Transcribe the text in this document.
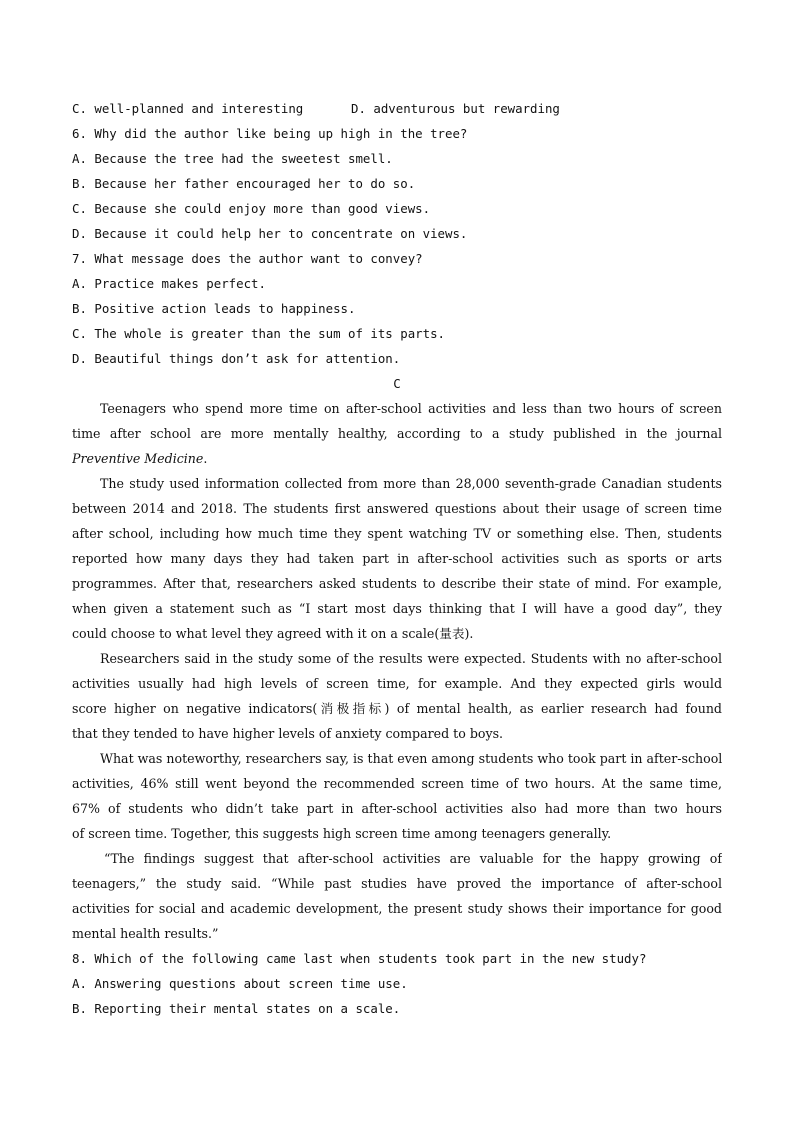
C. well-planned and interesting	D. adventurous but rewarding
6. Why did the author like being up high in the tree?
A. Because the tree had the sweetest smell.
B. Because her father encouraged her to do so.
C. Because she could enjoy more than good views.
D. Because it could help her to concentrate on views.
7. What message does the author want to convey?
A. Practice makes perfect.
B. Positive action leads to happiness.
C. The whole is greater than the sum of its parts.
D. Beautiful things don’t ask for attention.
C
Teenagers who spend more time on after-school activities and less than two hours of screen
time after school are more mentally healthy, according to a study published in the journal
Preventive Medicine.
The study used information collected from more than 28,000 seventh-grade Canadian students
between 2014 and 2018. The students first answered questions about their usage of screen time
after school, including how much time they spent watching TV or something else. Then, students
reported how many days they had taken part in after-school activities such as sports or arts
programmes. After that, researchers asked students to describe their state of mind. For example,
when given a statement such as “I start most days thinking that I will have a good day”, they
could choose to what level they agreed with it on a scale(量表).
Researchers said in the study some of the results were expected. Students with no after-school
activities usually had high levels of screen time, for example. And they expected girls would
score higher on negative indicators(消极指标) of mental health, as earlier research had found
that they tended to have higher levels of anxiety compared to boys.
What was noteworthy, researchers say, is that even among students who took part in after-school
activities, 46% still went beyond the recommended screen time of two hours. At the same time,
67% of students who didn’t take part in after-school activities also had more than two hours
of screen time. Together, this suggests high screen time among teenagers generally.
“The findings suggest that after-school activities are valuable for the happy growing of
teenagers,” the study said. “While past studies have proved the importance of after-school
activities for social and academic development, the present study shows their importance for good
mental health results.”
8. Which of the following came last when students took part in the new study?
A. Answering questions about screen time use.
B. Reporting their mental states on a scale.
